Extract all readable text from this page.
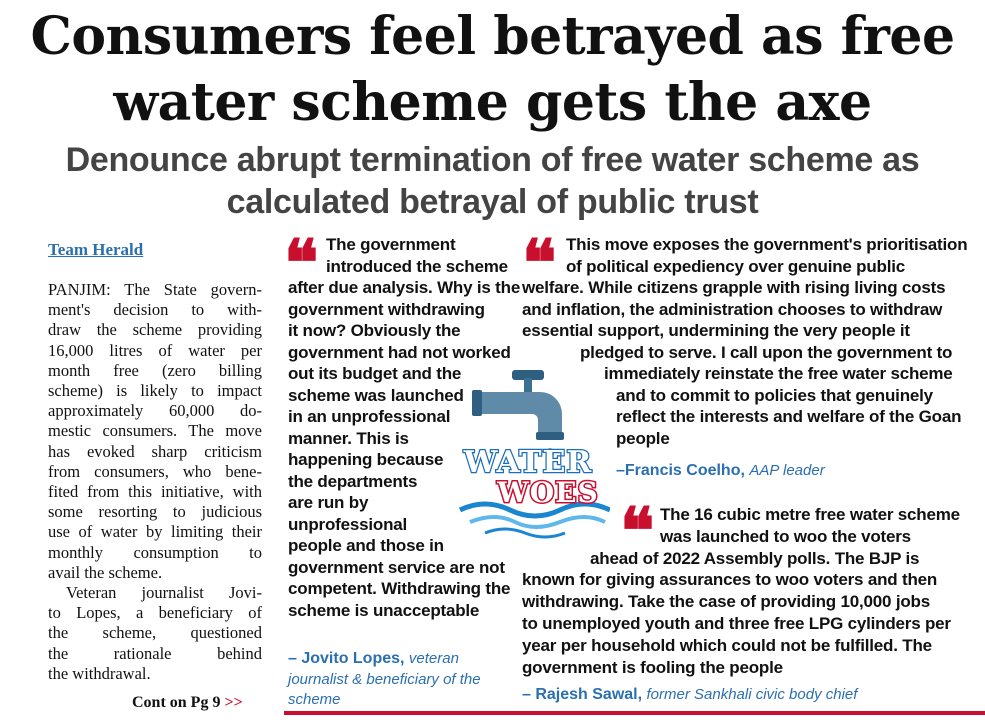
Consumers feel betrayed as free
water scheme gets the axe
Denounce abrupt termination of free water scheme as
calculated betrayal of public trust
Team Herald
PANJIM: The State govern-
ment's decision to with-
draw the scheme providing
16,000 litres of water per
month free (zero billing
scheme) is likely to impact
approximately 60,000 do-
mestic consumers. The move
has evoked sharp criticism
from consumers, who bene-
fited from this initiative, with
some resorting to judicious
use of water by limiting their
monthly consumption to
avail the scheme.
Veteran journalist Jovi-
to Lopes, a beneficiary of
the scheme, questioned
the rationale behind
the withdrawal.
Cont on Pg 9 >>
❝ The government
introduced the scheme
after due analysis. Why is the
government withdrawing
it now? Obviously the
government had not worked
out its budget and the
scheme was launched
in an unprofessional
manner. This is
happening because
the departments
are run by
unprofessional
people and those in
government service are not
competent. Withdrawing the
scheme is unacceptable
– Jovito Lopes, veteran
journalist & beneficiary of the
scheme
❝ This move exposes the government's prioritisation
of political expediency over genuine public
welfare. While citizens grapple with rising living costs
and inflation, the administration chooses to withdraw
essential support, undermining the very people it
pledged to serve. I call upon the government to
immediately reinstate the free water scheme
and to commit to policies that genuinely
reflect the interests and welfare of the Goan
people
–Francis Coelho, AAP leader
❝ The 16 cubic metre free water scheme
was launched to woo the voters
ahead of 2022 Assembly polls. The BJP is
known for giving assurances to woo voters and then
withdrawing. Take the case of providing 10,000 jobs
to unemployed youth and three free LPG cylinders per
year per household which could not be fulfilled. The
government is fooling the people
– Rajesh Sawal, former Sankhali civic body chief
WATER
WOES
